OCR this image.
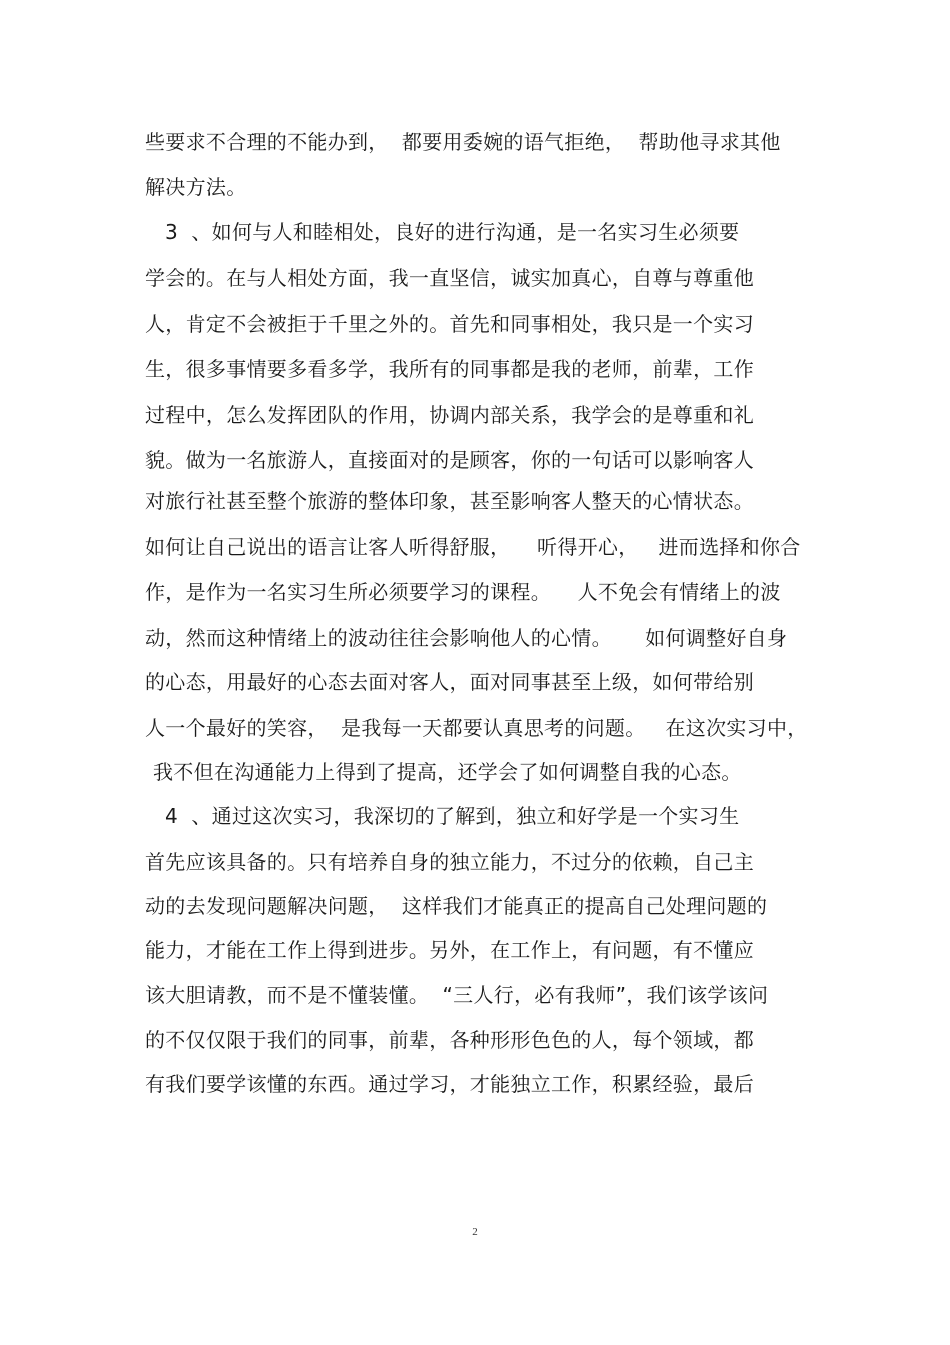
些要求不合理的不能办到，  都要用委婉的语气拒绝，  帮助他寻求其他
解决方法。
3  、如何与人和睦相处，良好的进行沟通，是一名实习生必须要
学会的。在与人相处方面，我一直坚信，诚实加真心，自尊与尊重他
人，肯定不会被拒于千里之外的。首先和同事相处，我只是一个实习
生，很多事情要多看多学，我所有的同事都是我的老师，前辈，工作
过程中，怎么发挥团队的作用，协调内部关系，我学会的是尊重和礼
貌。做为一名旅游人，直接面对的是顾客，你的一句话可以影响客人
对旅行社甚至整个旅游的整体印象，甚至影响客人整天的心情状态。
如何让自己说出的语言让客人听得舒服，    听得开心，   进而选择和你合
作，是作为一名实习生所必须要学习的课程。    人不免会有情绪上的波
动，然而这种情绪上的波动往往会影响他人的心情。     如何调整好自身
的心态，用最好的心态去面对客人，面对同事甚至上级，如何带给别
人一个最好的笑容，  是我每一天都要认真思考的问题。   在这次实习中，
我不但在沟通能力上得到了提高，还学会了如何调整自我的心态。
4  、通过这次实习，我深切的了解到，独立和好学是一个实习生
首先应该具备的。只有培养自身的独立能力，不过分的依赖，自己主
动的去发现问题解决问题，  这样我们才能真正的提高自己处理问题的
能力，才能在工作上得到进步。另外，在工作上，有问题，有不懂应
该大胆请教，而不是不懂装懂。  “三人行，必有我师”，我们该学该问
的不仅仅限于我们的同事，前辈，各种形形色色的人，每个领域，都
有我们要学该懂的东西。通过学习，才能独立工作，积累经验，最后
2
